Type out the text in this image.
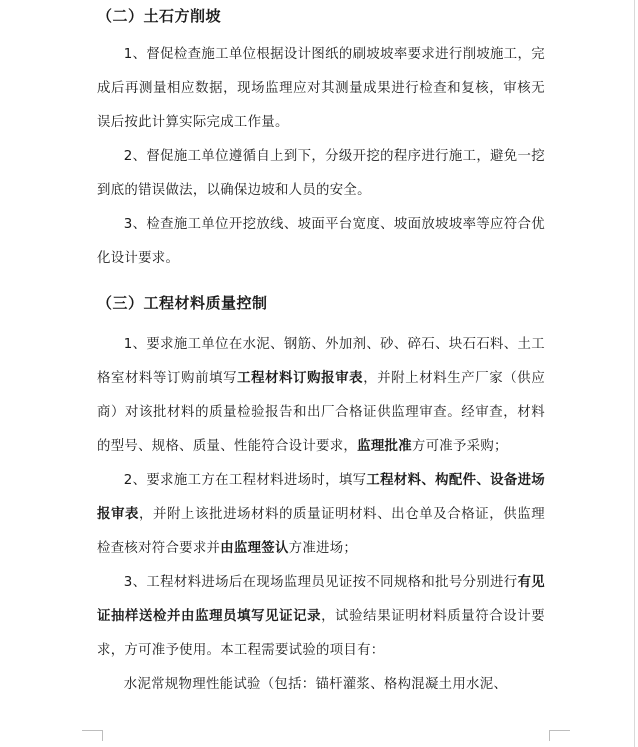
（二）土石方削坡

1、督促检查施工单位根据设计图纸的刷坡坡率要求进行削坡施工，完成后再测量相应数据，现场监理应对其测量成果进行检查和复核，审核无误后按此计算实际完成工作量。

2、督促施工单位遵循自上到下，分级开挖的程序进行施工，避免一挖到底的错误做法，以确保边坡和人员的安全。

3、检查施工单位开挖放线、坡面平台宽度、坡面放坡坡率等应符合优化设计要求。

（三）工程材料质量控制

1、要求施工单位在水泥、钢筋、外加剂、砂、碎石、块石石料、土工格室材料等订购前填写工程材料订购报审表，并附上材料生产厂家（供应商）对该批材料的质量检验报告和出厂合格证供监理审查。经审查，材料的型号、规格、质量、性能符合设计要求，监理批准方可准予采购；

2、要求施工方在工程材料进场时，填写工程材料、构配件、设备进场报审表，并附上该批进场材料的质量证明材料、出仓单及合格证，供监理检查核对符合要求并由监理签认方准进场；

3、工程材料进场后在现场监理员见证按不同规格和批号分别进行有见证抽样送检并由监理员填写见证记录，试验结果证明材料质量符合设计要求，方可准予使用。本工程需要试验的项目有：

水泥常规物理性能试验（包括：锚杆灌浆、格构混凝土用水泥、
